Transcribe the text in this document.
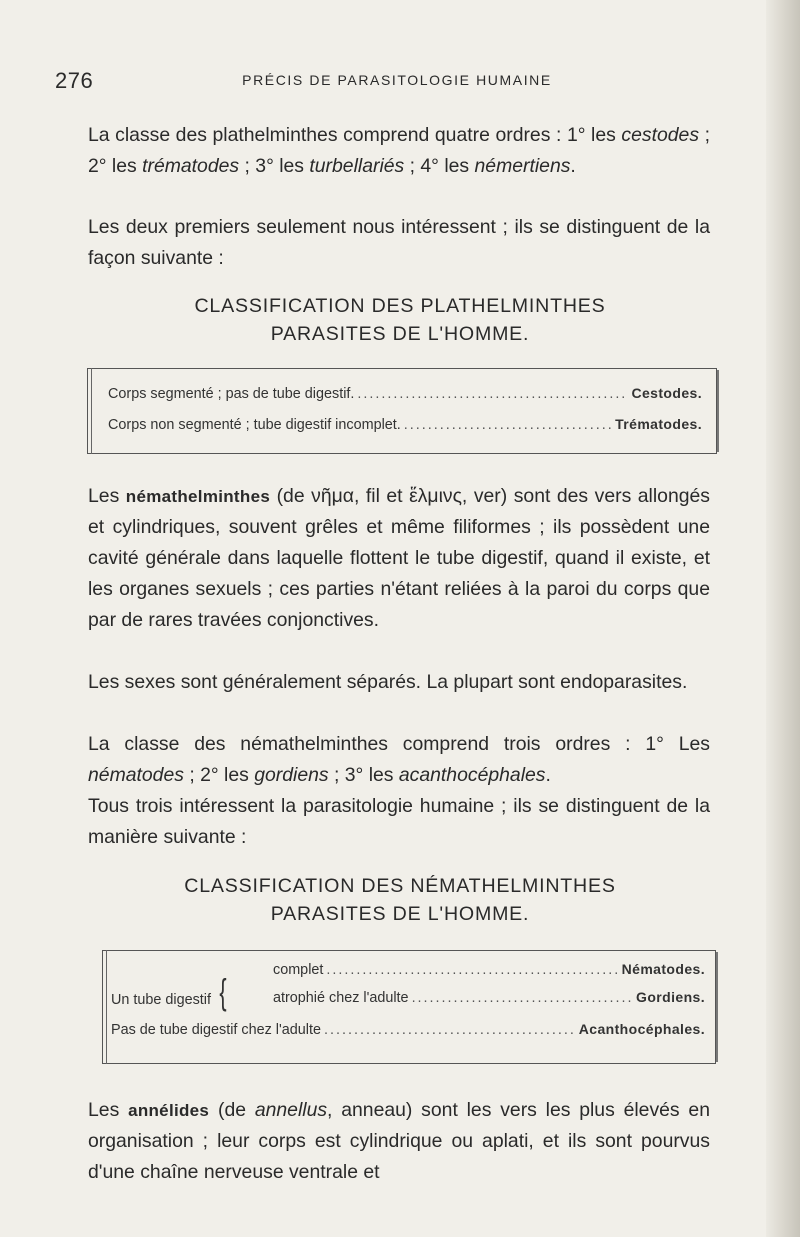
276	PRÉCIS DE PARASITOLOGIE HUMAINE

La classe des plathelminthes comprend quatre ordres : 1° les cestodes ; 2° les trématodes ; 3° les turbellariés ; 4° les némertiens.

Les deux premiers seulement nous intéressent ; ils se distinguent de la façon suivante :

CLASSIFICATION DES PLATHELMINTHES
PARASITES DE L'HOMME.
Corps segmenté ; pas de tube digestif. .....	Cestodes.
Corps non segmenté ; tube digestif incomplet. .....	Trématodes.

Les némathelminthes (de νῆμα, fil et ἕλμινς, ver) sont des vers allongés et cylindriques, souvent grêles et même filiformes ; ils possèdent une cavité générale dans laquelle flottent le tube digestif, quand il existe, et les organes sexuels ; ces parties n'étant reliées à la paroi du corps que par de rares travées conjonctives.

Les sexes sont généralement séparés. La plupart sont endoparasites.

La classe des némathelminthes comprend trois ordres : 1° Les nématodes ; 2° les gordiens ; 3° les acanthocéphales.

Tous trois intéressent la parasitologie humaine ; ils se distinguent de la manière suivante :

CLASSIFICATION DES NÉMATHELMINTHES
PARASITES DE L'HOMME.
Un tube digestif {
complet .....	Nématodes.
atrophié chez l'adulte .....	Gordiens.
Pas de tube digestif chez l'adulte .....	Acanthocéphales.

Les annélides (de annellus, anneau) sont les vers les plus élevés en organisation ; leur corps est cylindrique ou aplati, et ils sont pourvus d'une chaîne nerveuse ventrale et
